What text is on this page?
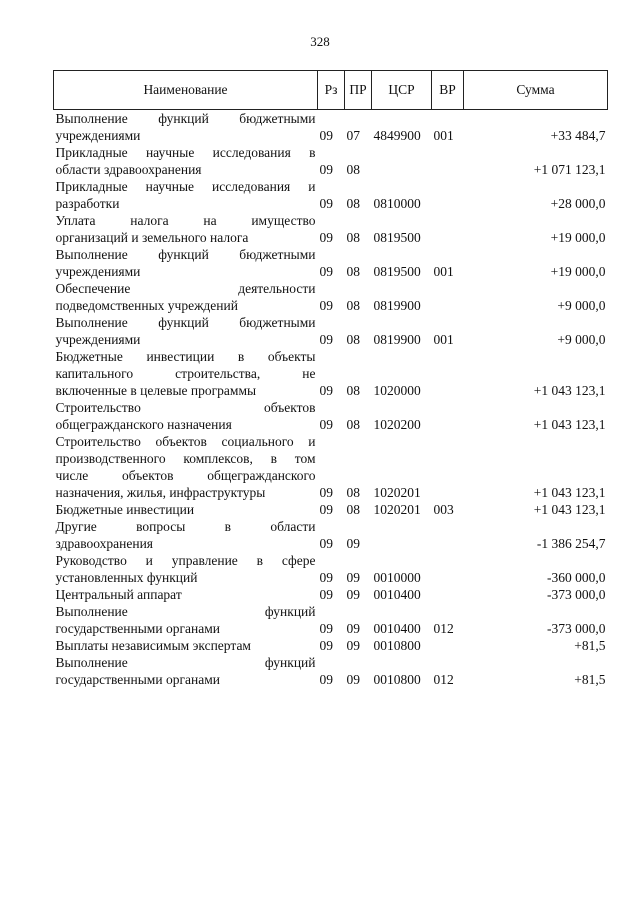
328
Наименование	Рз	ПР	ЦСР	ВР	Сумма

Выполнение функций бюджетными
учреждениями	09	07	4849900	001	+33 484,7

Прикладные научные исследования в
области здравоохранения	09	08			+1 071 123,1

Прикладные научные исследования и
разработки	09	08	0810000		+28 000,0

Уплата налога на имущество
организаций и земельного налога	09	08	0819500		+19 000,0

Выполнение функций бюджетными
учреждениями	09	08	0819500	001	+19 000,0

Обеспечение деятельности
подведомственных учреждений	09	08	0819900		+9 000,0

Выполнение функций бюджетными
учреждениями	09	08	0819900	001	+9 000,0

Бюджетные инвестиции в объекты
капитального строительства, не
включенные в целевые программы	09	08	1020000		+1 043 123,1

Строительство объектов
общегражданского назначения	09	08	1020200		+1 043 123,1

Строительство объектов социального и
производственного комплексов, в том
числе объектов общегражданского
назначения, жилья, инфраструктуры	09	08	1020201		+1 043 123,1

Бюджетные инвестиции	09	08	1020201	003	+1 043 123,1

Другие вопросы в области
здравоохранения	09	09			-1 386 254,7

Руководство и управление в сфере
установленных функций	09	09	0010000		-360 000,0

Центральный аппарат	09	09	0010400		-373 000,0

Выполнение функций
государственными органами	09	09	0010400	012	-373 000,0

Выплаты независимым экспертам	09	09	0010800		+81,5

Выполнение функций
государственными органами	09	09	0010800	012	+81,5
